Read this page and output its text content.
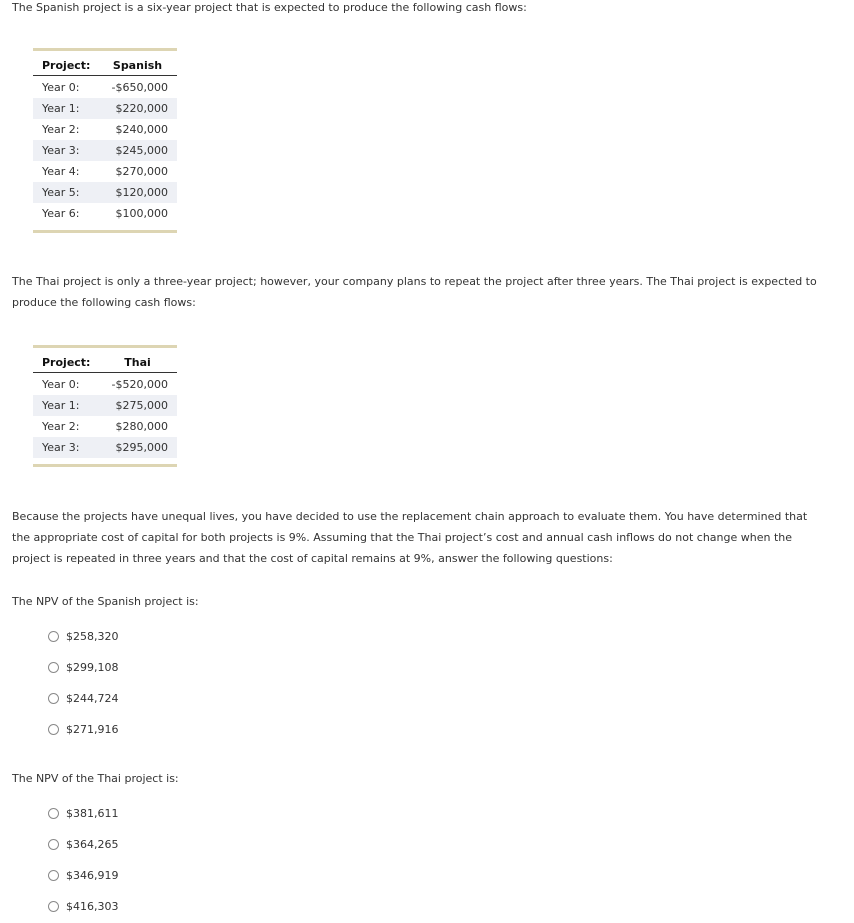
The Spanish project is a six-year project that is expected to produce the following cash flows:

Project:	Spanish
Year 0:	-$650,000
Year 1:	$220,000
Year 2:	$240,000
Year 3:	$245,000
Year 4:	$270,000
Year 5:	$120,000
Year 6:	$100,000

The Thai project is only a three-year project; however, your company plans to repeat the project after three years. The Thai project is expected to produce the following cash flows:

Project:	Thai
Year 0:	-$520,000
Year 1:	$275,000
Year 2:	$280,000
Year 3:	$295,000

Because the projects have unequal lives, you have decided to use the replacement chain approach to evaluate them. You have determined that the appropriate cost of capital for both projects is 9%. Assuming that the Thai project’s cost and annual cash inflows do not change when the project is repeated in three years and that the cost of capital remains at 9%, answer the following questions:

The NPV of the Spanish project is:

$258,320
$299,108
$244,724
$271,916

The NPV of the Thai project is:

$381,611
$364,265
$346,919
$416,303
